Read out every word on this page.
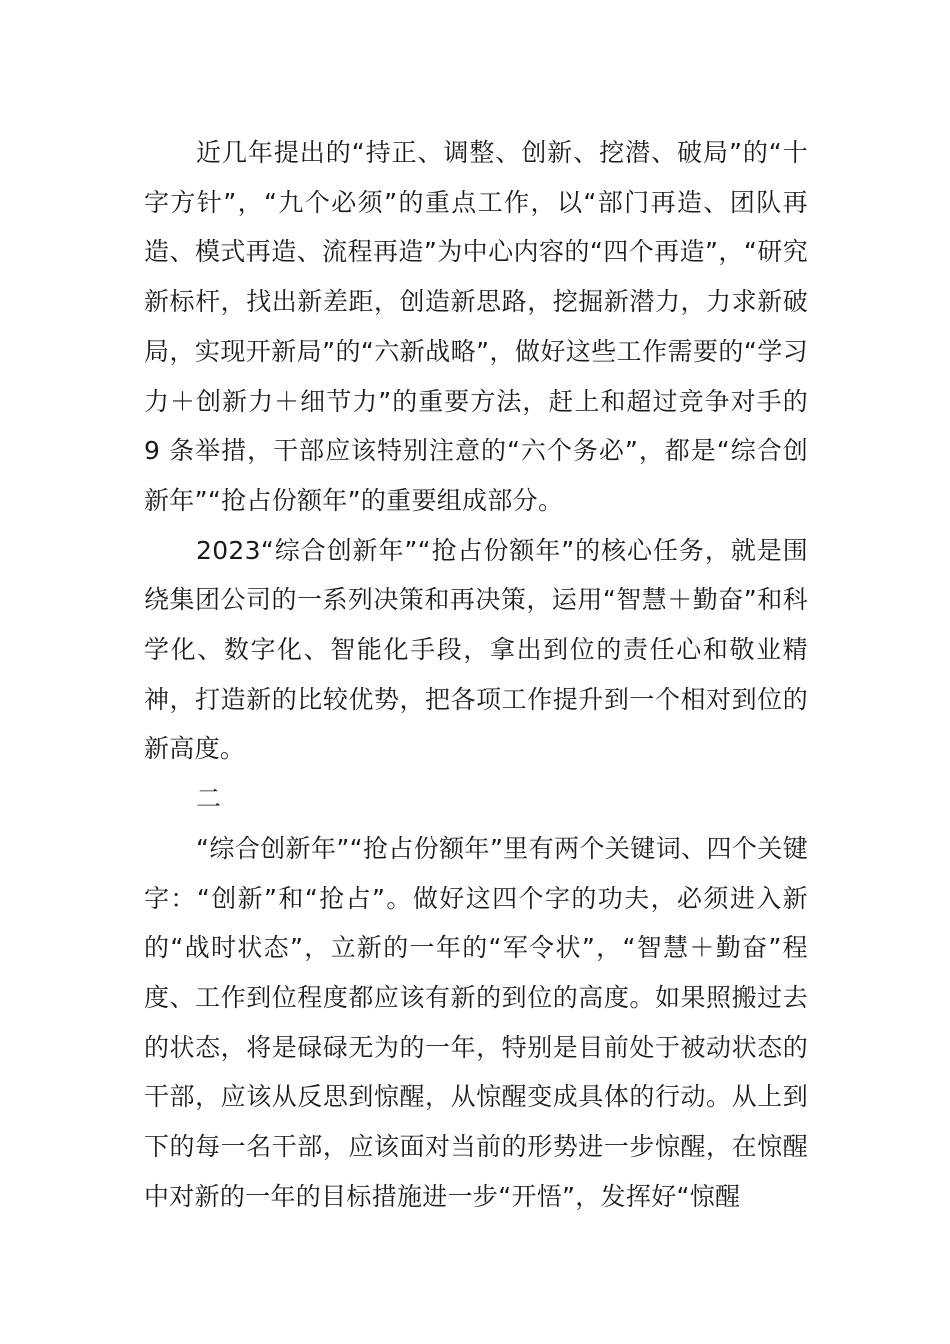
近几年提出的“持正、调整、创新、挖潜、破局”的“十字方针”，“九个必须”的重点工作，以“部门再造、团队再造、模式再造、流程再造”为中心内容的“四个再造”，“研究新标杆，找出新差距，创造新思路，挖掘新潜力，力求新破局，实现开新局”的“六新战略”，做好这些工作需要的“学习力＋创新力＋细节力”的重要方法，赶上和超过竞争对手的 9 条举措，干部应该特别注意的“六个务必”，都是“综合创新年”“抢占份额年”的重要组成部分。

2023“综合创新年”“抢占份额年”的核心任务，就是围绕集团公司的一系列决策和再决策，运用“智慧＋勤奋”和科学化、数字化、智能化手段，拿出到位的责任心和敬业精神，打造新的比较优势，把各项工作提升到一个相对到位的新高度。

二

“综合创新年”“抢占份额年”里有两个关键词、四个关键字：“创新”和“抢占”。做好这四个字的功夫，必须进入新的“战时状态”，立新的一年的“军令状”，“智慧＋勤奋”程度、工作到位程度都应该有新的到位的高度。如果照搬过去的状态，将是碌碌无为的一年，特别是目前处于被动状态的干部，应该从反思到惊醒，从惊醒变成具体的行动。从上到下的每一名干部，应该面对当前的形势进一步惊醒，在惊醒中对新的一年的目标措施进一步“开悟”，发挥好“惊醒
